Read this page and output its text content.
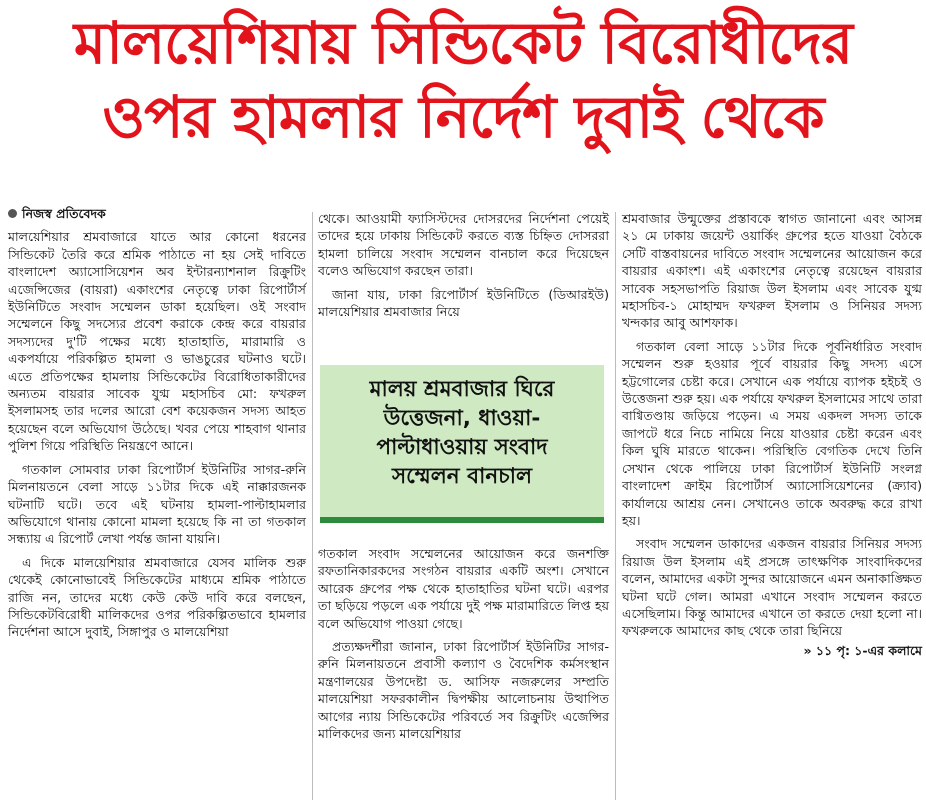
মালয়েশিয়ায় সিন্ডিকেট বিরোধীদের
ওপর হামলার নির্দেশ দুবাই থেকে
নিজস্ব প্রতিবেদক

মালয়েশিয়ার শ্রমবাজারে যাতে আর কোনো ধরনের সিন্ডিকেট তৈরি করে শ্রমিক পাঠাতে না হয় সেই দাবিতে বাংলাদেশ অ্যাসোসিয়েশন অব ইন্টারন্যাশনাল রিক্রুটিং এজেন্সিজের (বায়রা) একাংশের নেতৃত্বে ঢাকা রিপোর্টার্স ইউনিটিতে সংবাদ সম্মেলন ডাকা হয়েছিল। ওই সংবাদ সম্মেলনে কিছু সদস্যের প্রবেশ করাকে কেন্দ্র করে বায়রার সদস্যদের দু'টি পক্ষের মধ্যে হাতাহাতি, মারামারি ও একপর্যায়ে পরিকল্পিত হামলা ও ভাঙচুরের ঘটনাও ঘটে। এতে প্রতিপক্ষের হামলায় সিন্ডিকেটের বিরোধিতাকারীদের অন্যতম বায়রার সাবেক যুগ্ম মহাসচিব মো: ফখরুল ইসলামসহ তার দলের আরো বেশ কয়েকজন সদস্য আহত হয়েছেন বলে অভিযোগ উঠেছে। খবর পেয়ে শাহবাগ থানার পুলিশ গিয়ে পরিস্থিতি নিয়ন্ত্রণে আনে।

গতকাল সোমবার ঢাকা রিপোর্টার্স ইউনিটির সাগর-রুনি মিলনায়তনে বেলা সাড়ে ১১টার দিকে এই নাক্কারজনক ঘটনাটি ঘটে। তবে এই ঘটনায় হামলা-পাল্টাহামলার অভিযোগে থানায় কোনো মামলা হয়েছে কি না তা গতকাল সন্ধ্যায় এ রিপোর্ট লেখা পর্যন্ত জানা যায়নি।

এ দিকে মালয়েশিয়ার শ্রমবাজারে যেসব মালিক শুরু থেকেই কোনোভাবেই সিন্ডিকেটের মাধ্যমে শ্রমিক পাঠাতে রাজি নন, তাদের মধ্যে কেউ কেউ দাবি করে বলছেন, সিন্ডিকেটবিরোধী মালিকদের ওপর পরিকল্পিতভাবে হামলার নির্দেশনা আসে দুবাই, সিঙ্গাপুর ও মালয়েশিয়া

থেকে। আওয়ামী ফ্যাসিস্টদের দোসরদের নির্দেশনা পেয়েই তাদের হয়ে ঢাকায় সিন্ডিকেট করতে ব্যস্ত চিহ্নিত দোসররা হামলা চালিয়ে সংবাদ সম্মেলন বানচাল করে দিয়েছেন বলেও অভিযোগ করছেন তারা।

জানা যায়, ঢাকা রিপোর্টার্স ইউনিটিতে (ডিআরইউ) মালয়েশিয়ার শ্রমবাজার নিয়ে

মালয় শ্রমবাজার ঘিরে
উত্তেজনা, ধাওয়া-
পাল্টাধাওয়ায় সংবাদ
সম্মেলন বানচাল

গতকাল সংবাদ সম্মেলনের আয়োজন করে জনশক্তি রফতানিকারকদের সংগঠন বায়রার একটি অংশ। সেখানে আরেক গ্রুপের পক্ষ থেকে হাতাহাতির ঘটনা ঘটে। এরপর তা ছড়িয়ে পড়লে এক পর্যায়ে দুই পক্ষ মারামারিতে লিপ্ত হয় বলে অভিযোগ পাওয়া গেছে।

প্রত্যক্ষদর্শীরা জানান, ঢাকা রিপোর্টার্স ইউনিটির সাগর-রুনি মিলনায়তনে প্রবাসী কল্যাণ ও বৈদেশিক কর্মসংস্থান মন্ত্রণালয়ের উপদেষ্টা ড. আসিফ নজরুলের সম্প্রতি মালয়েশিয়া সফরকালীন দ্বিপক্ষীয় আলোচনায় উত্থাপিত আগের ন্যায় সিন্ডিকেটের পরিবর্তে সব রিক্রুটিং এজেন্সির মালিকদের জন্য মালয়েশিয়ার

শ্রমবাজার উন্মুক্তের প্রস্তাবকে স্বাগত জানানো এবং আসন্ন ২১ মে ঢাকায় জয়েন্ট ওয়ার্কিং গ্রুপের হতে যাওয়া বৈঠকে সেটি বাস্তবায়নের দাবিতে সংবাদ সম্মেলনের আয়োজন করে বায়রার একাংশ। এই একাংশের নেতৃত্বে রয়েছেন বায়রার সাবেক সহসভাপতি রিয়াজ উল ইসলাম এবং সাবেক যুগ্ম মহাসচিব-১ মোহাম্মদ ফখরুল ইসলাম ও সিনিয়র সদস্য খন্দকার আবু আশফাক।

গতকাল বেলা সাড়ে ১১টার দিকে পূর্বনির্ধারিত সংবাদ সম্মেলন শুরু হওয়ার পূর্বে বায়রার কিছু সদস্য এসে হট্টগোলের চেষ্টা করে। সেখানে এক পর্যায়ে ব্যাপক হইচই ও উত্তেজনা শুরু হয়। এক পর্যায়ে ফখরুল ইসলামের সাথে তারা বাগ্বিতণ্ডায় জড়িয়ে পড়েন। এ সময় একদল সদস্য তাকে জাপটে ধরে নিচে নামিয়ে নিয়ে যাওয়ার চেষ্টা করেন এবং কিল ঘুষি মারতে থাকেন। পরিস্থিতি বেগতিক দেখে তিনি সেখান থেকে পালিয়ে ঢাকা রিপোর্টার্স ইউনিটি সংলগ্ন বাংলাদেশ ক্রাইম রিপোর্টার্স অ্যাসোসিয়েশনের (ক্র্যাব) কার্যালয়ে আশ্রয় নেন। সেখানেও তাকে অবরুদ্ধ করে রাখা হয়।

সংবাদ সম্মেলন ডাকাদের একজন বায়রার সিনিয়র সদস্য রিয়াজ উল ইসলাম এই প্রসঙ্গে তাৎক্ষণিক সাংবাদিকদের বলেন, আমাদের একটা সুন্দর আয়োজনে এমন অনাকাঙ্ক্ষিত ঘটনা ঘটে গেল। আমরা এখানে সংবাদ সম্মেলন করতে এসেছিলাম। কিন্তু আমাদের এখানে তা করতে দেয়া হলো না। ফখরুলকে আমাদের কাছ থেকে তারা ছিনিয়ে

» ১১ পৃ: ১-এর কলামে
